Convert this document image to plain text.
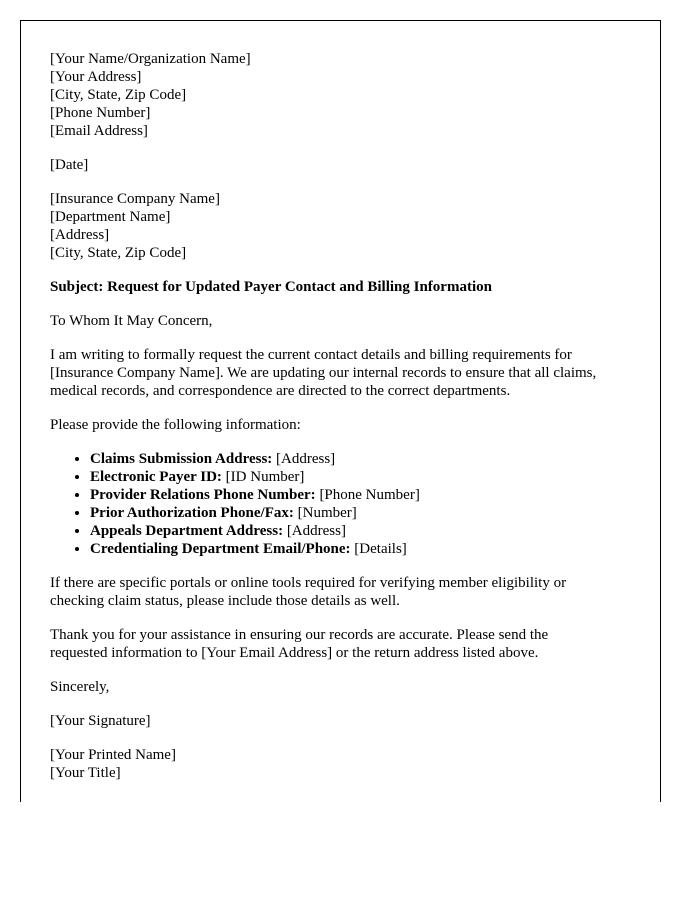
[Your Name/Organization Name]
[Your Address]
[City, State, Zip Code]
[Phone Number]
[Email Address]
[Date]
[Insurance Company Name]
[Department Name]
[Address]
[City, State, Zip Code]
Subject: Request for Updated Payer Contact and Billing Information
To Whom It May Concern,
I am writing to formally request the current contact details and billing requirements for
[Insurance Company Name]. We are updating our internal records to ensure that all claims,
medical records, and correspondence are directed to the correct departments.
Please provide the following information:
• Claims Submission Address: [Address]
• Electronic Payer ID: [ID Number]
• Provider Relations Phone Number: [Phone Number]
• Prior Authorization Phone/Fax: [Number]
• Appeals Department Address: [Address]
• Credentialing Department Email/Phone: [Details]
If there are specific portals or online tools required for verifying member eligibility or
checking claim status, please include those details as well.
Thank you for your assistance in ensuring our records are accurate. Please send the
requested information to [Your Email Address] or the return address listed above.
Sincerely,
[Your Signature]
[Your Printed Name]
[Your Title]
